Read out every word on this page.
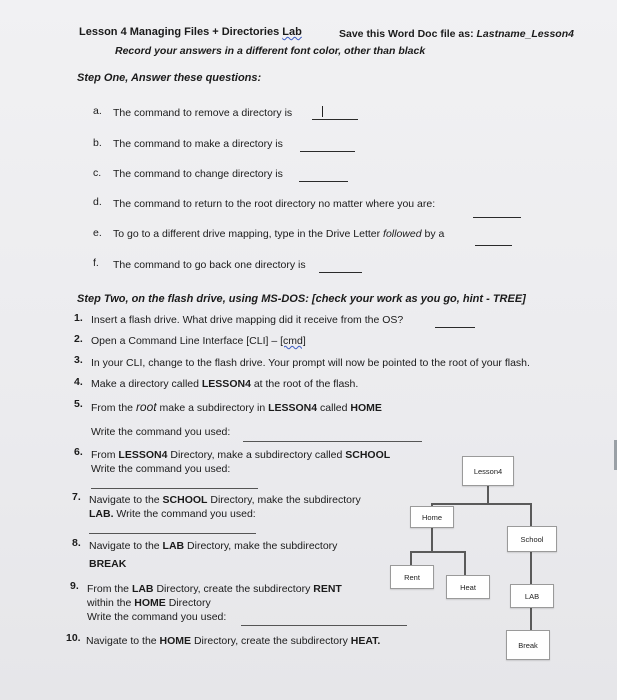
Lesson 4 Managing Files + Directories Lab	Save this Word Doc file as: Lastname_Lesson4
Record your answers in a different font color, other than black
Step One, Answer these questions:
a. The command to remove a directory is
b. The command to make a directory is
c. The command to change directory is
d. The command to return to the root directory no matter where you are:
e. To go to a different drive mapping, type in the Drive Letter followed by a
f. The command to go back one directory is
Step Two, on the flash drive, using MS-DOS: [check your work as you go, hint - TREE]
1. Insert a flash drive. What drive mapping did it receive from the OS?
2. Open a Command Line Interface [CLI] – [cmd]
3. In your CLI, change to the flash drive. Your prompt will now be pointed to the root of your flash.
4. Make a directory called LESSON4 at the root of the flash.
5. From the root make a subdirectory in LESSON4 called HOME
Write the command you used:
6. From LESSON4 Directory, make a subdirectory called SCHOOL
Write the command you used:
7. Navigate to the SCHOOL Directory, make the subdirectory
LAB. Write the command you used:
8. Navigate to the LAB Directory, make the subdirectory
BREAK
9. From the LAB Directory, create the subdirectory RENT
within the HOME Directory
Write the command you used:
10. Navigate to the HOME Directory, create the subdirectory HEAT.
Lesson4
Home
School
Rent
Heat
LAB
Break
